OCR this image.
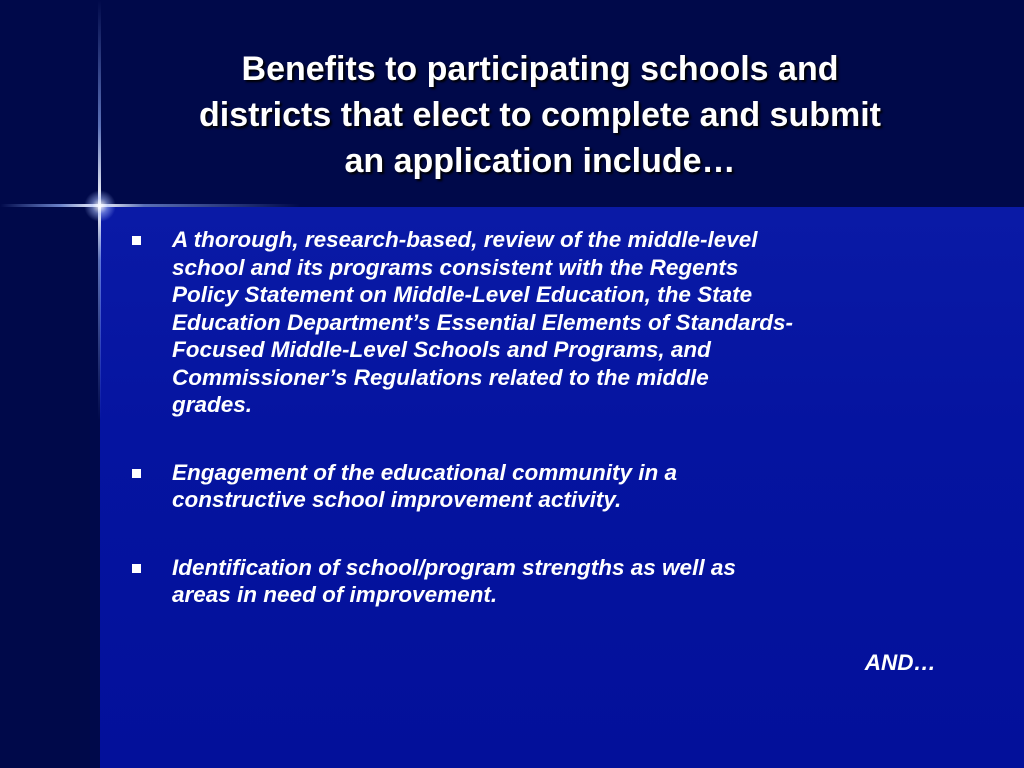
Benefits to participating schools and
districts that elect to complete and submit
an application include…
A thorough, research-based, review of the middle-level
school and its programs consistent with the Regents
Policy Statement on Middle-Level Education, the State
Education Department’s Essential Elements of Standards-
Focused Middle-Level Schools and Programs, and
Commissioner’s Regulations related to the middle
grades.
Engagement of the educational community in a
constructive school improvement activity.
Identification of school/program strengths as well as
areas in need of improvement.

AND…
